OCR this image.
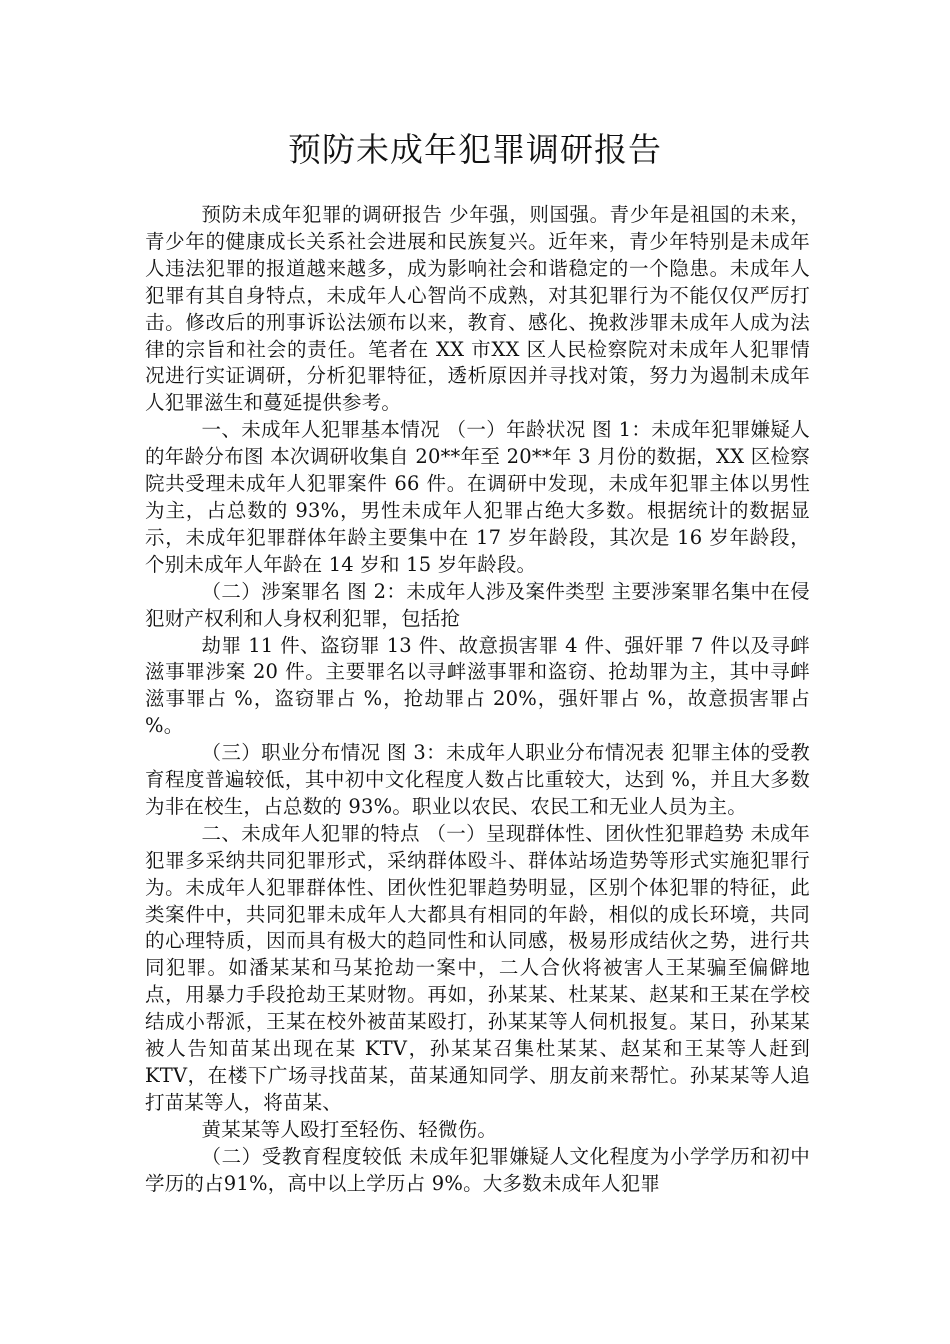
预防未成年犯罪调研报告

预防未成年犯罪的调研报告 少年强，则国强。青少年是祖国的未来，青少年的健康成长关系社会进展和民族复兴。近年来，青少年特别是未成年人违法犯罪的报道越来越多，成为影响社会和谐稳定的一个隐患。未成年人犯罪有其自身特点，未成年人心智尚不成熟，对其犯罪行为不能仅仅严厉打击。修改后的刑事诉讼法颁布以来，教育、感化、挽救涉罪未成年人成为法律的宗旨和社会的责任。笔者在 XX 市XX 区人民检察院对未成年人犯罪情况进行实证调研，分析犯罪特征，透析原因并寻找对策，努力为遏制未成年人犯罪滋生和蔓延提供参考。

一、未成年人犯罪基本情况 （一）年龄状况 图 1：未成年犯罪嫌疑人的年龄分布图 本次调研收集自 20**年至 20**年 3 月份的数据，XX 区检察院共受理未成年人犯罪案件 66 件。在调研中发现，未成年犯罪主体以男性为主，占总数的 93%，男性未成年人犯罪占绝大多数。根据统计的数据显示，未成年犯罪群体年龄主要集中在 17 岁年龄段，其次是 16 岁年龄段，个别未成年人年龄在 14 岁和 15 岁年龄段。

（二）涉案罪名 图 2：未成年人涉及案件类型 主要涉案罪名集中在侵犯财产权利和人身权利犯罪，包括抢

劫罪 11 件、盗窃罪 13 件、故意损害罪 4 件、强奸罪 7 件以及寻衅滋事罪涉案 20 件。主要罪名以寻衅滋事罪和盗窃、抢劫罪为主，其中寻衅滋事罪占 %，盗窃罪占 %，抢劫罪占 20%，强奸罪占 %，故意损害罪占 %。

（三）职业分布情况 图 3：未成年人职业分布情况表 犯罪主体的受教育程度普遍较低，其中初中文化程度人数占比重较大，达到 %，并且大多数为非在校生，占总数的 93%。职业以农民、农民工和无业人员为主。

二、未成年人犯罪的特点 （一）呈现群体性、团伙性犯罪趋势 未成年犯罪多采纳共同犯罪形式，采纳群体殴斗、群体站场造势等形式实施犯罪行为。未成年人犯罪群体性、团伙性犯罪趋势明显，区别个体犯罪的特征，此类案件中，共同犯罪未成年人大都具有相同的年龄，相似的成长环境，共同的心理特质，因而具有极大的趋同性和认同感，极易形成结伙之势，进行共同犯罪。如潘某某和马某抢劫一案中，二人合伙将被害人王某骗至偏僻地点，用暴力手段抢劫王某财物。再如，孙某某、杜某某、赵某和王某在学校结成小帮派，王某在校外被苗某殴打，孙某某等人伺机报复。某日，孙某某被人告知苗某出现在某 KTV，孙某某召集杜某某、赵某和王某等人赶到 KTV，在楼下广场寻找苗某，苗某通知同学、朋友前来帮忙。孙某某等人追打苗某等人，将苗某、

黄某某等人殴打至轻伤、轻微伤。

（二）受教育程度较低 未成年犯罪嫌疑人文化程度为小学学历和初中学历的占91%，高中以上学历占 9%。大多数未成年人犯罪
